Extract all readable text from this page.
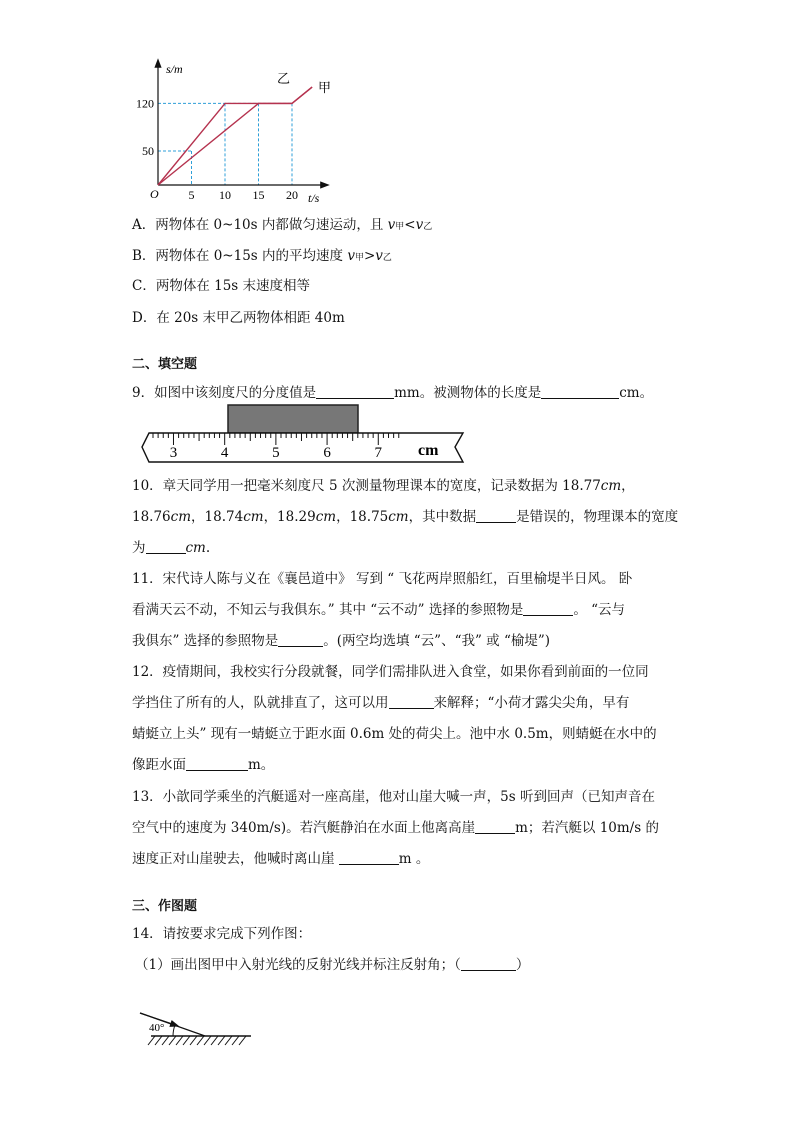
5 10 15 20
50
120
s/m
t/s
O
乙
甲
A．两物体在 0~10s 内都做匀速运动，且 v甲<v乙
B．两物体在 0~15s 内的平均速度 v甲>v乙
C．两物体在 15s 末速度相等
D．在 20s 末甲乙两物体相距 40m
二、填空题
9．如图中该刻度尺的分度值是	mm。被测物体的长度是	cm。
3	4	5	6	7 cm
10．章天同学用一把毫米刻度尺 5 次测量物理课本的宽度，记录数据为 18.77cm，
18.76cm，18.74cm，18.29cm，18.75cm，其中数据	是错误的，物理课本的宽度
为	cm.
11．宋代诗人陈与义在《襄邑道中》 写到 “ 飞花两岸照船红，百里榆堤半日风。 卧
看满天云不动，不知云与我俱东。” 其中 “云不动” 选择的参照物是	。 “云与
我俱东” 选择的参照物是	。(两空均选填 “云”、“我” 或 “榆堤”)
12．疫情期间，我校实行分段就餐，同学们需排队进入食堂，如果你看到前面的一位同
学挡住了所有的人，队就排直了，这可以用	来解释；“小荷才露尖尖角，早有
蜻蜓立上头” 现有一蜻蜓立于距水面 0.6m 处的荷尖上。池中水 0.5m，则蜻蜓在水中的
像距水面	m。
13．小歆同学乘坐的汽艇遥对一座高崖，他对山崖大喊一声，5s 听到回声（已知声音在
空气中的速度为 340m/s)。若汽艇静泊在水面上他离高崖	m；若汽艇以 10m/s 的
速度正对山崖驶去，他喊时离山崖	m 。
三、作图题
14．请按要求完成下列作图：
（1）画出图甲中入射光线的反射光线并标注反射角；（	）
40°
